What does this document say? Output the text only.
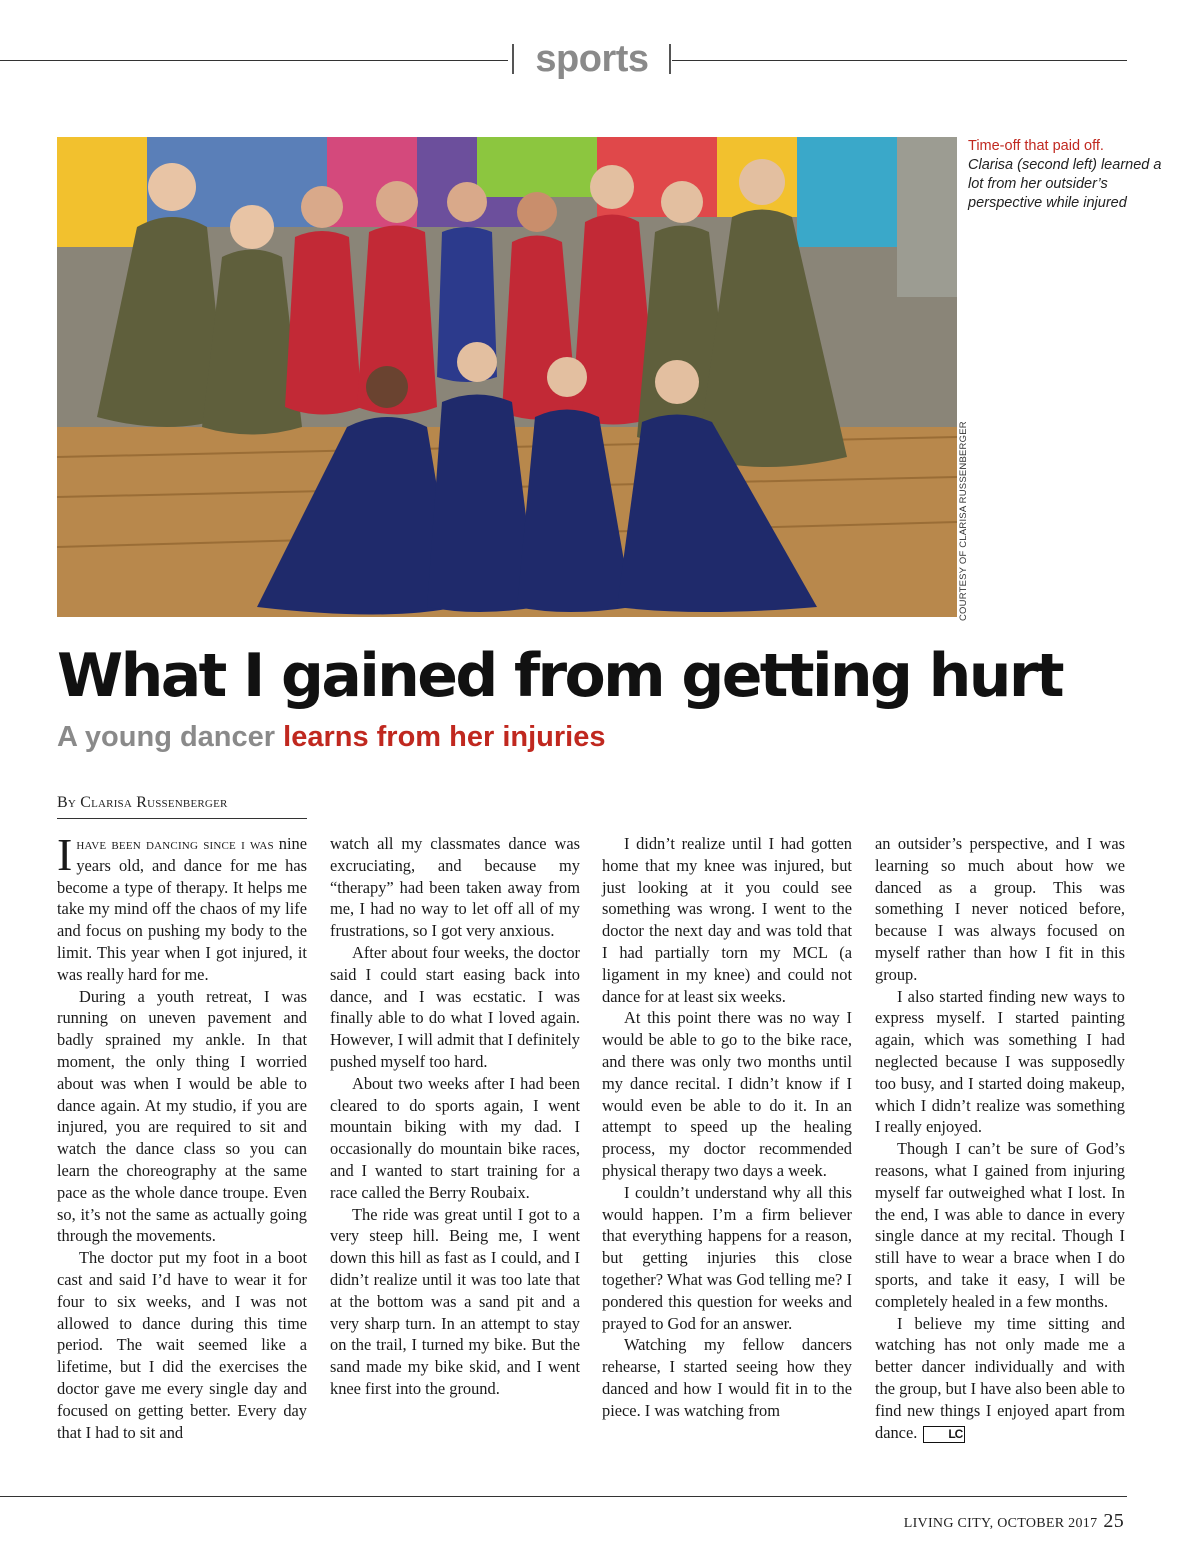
sports
COURTESY OF CLARISA RUSSENBERGER
Time-off that paid off.
Clarisa (second left) learned a lot from her outsider’s perspective while injured
What I gained from getting hurt
A young dancer learns from her injuries
By Clarisa Russenberger

Ihave been dancing since i was nine years old, and dance for me has become a type of therapy. It helps me take my mind off the chaos of my life and focus on pushing my body to the limit. This year when I got injured, it was really hard for me.

During a youth retreat, I was running on uneven pavement and badly sprained my ankle. In that moment, the only thing I worried about was when I would be able to dance again. At my studio, if you are injured, you are required to sit and watch the dance class so you can learn the choreography at the same pace as the whole dance troupe. Even so, it’s not the same as actually going through the movements.

The doctor put my foot in a boot cast and said I’d have to wear it for four to six weeks, and I was not allowed to dance during this time period. The wait seemed like a lifetime, but I did the exercises the doctor gave me every single day and focused on getting better. Every day that I had to sit and

watch all my classmates dance was excruciating, and because my “therapy” had been taken away from me, I had no way to let off all of my frustrations, so I got very anxious.

After about four weeks, the doctor said I could start easing back into dance, and I was ecstatic. I was finally able to do what I loved again. However, I will admit that I definitely pushed myself too hard.

About two weeks after I had been cleared to do sports again, I went mountain biking with my dad. I occasionally do mountain bike races, and I wanted to start training for a race called the Berry Roubaix.

The ride was great until I got to a very steep hill. Being me, I went down this hill as fast as I could, and I didn’t realize until it was too late that at the bottom was a sand pit and a very sharp turn. In an attempt to stay on the trail, I turned my bike. But the sand made my bike skid, and I went knee first into the ground.

I didn’t realize until I had gotten home that my knee was injured, but just looking at it you could see something was wrong. I went to the doctor the next day and was told that I had partially torn my MCL (a ligament in my knee) and could not dance for at least six weeks.

At this point there was no way I would be able to go to the bike race, and there was only two months until my dance recital. I didn’t know if I would even be able to do it. In an attempt to speed up the healing process, my doctor recommended physical therapy two days a week.

I couldn’t understand why all this would happen. I’m a firm believer that everything happens for a reason, but getting injuries this close together? What was God telling me? I pondered this question for weeks and prayed to God for an answer.

Watching my fellow dancers rehearse, I started seeing how they danced and how I would fit in to the piece. I was watching from

an outsider’s perspective, and I was learning so much about how we danced as a group. This was something I never noticed before, because I was always focused on myself rather than how I fit in this group.

I also started finding new ways to express myself. I started painting again, which was something I had neglected because I was supposedly too busy, and I started doing makeup, which I didn’t realize was something I really enjoyed.

Though I can’t be sure of God’s reasons, what I gained from injuring myself far outweighed what I lost. In the end, I was able to dance in every single dance at my recital. Though I still have to wear a brace when I do sports, and take it easy, I will be completely healed in a few months.

I believe my time sitting and watching has not only made me a better dancer individually and with the group, but I have also been able to find new things I enjoyed apart from dance.	LC

LIVING CITY, OCTOBER 2017 25
